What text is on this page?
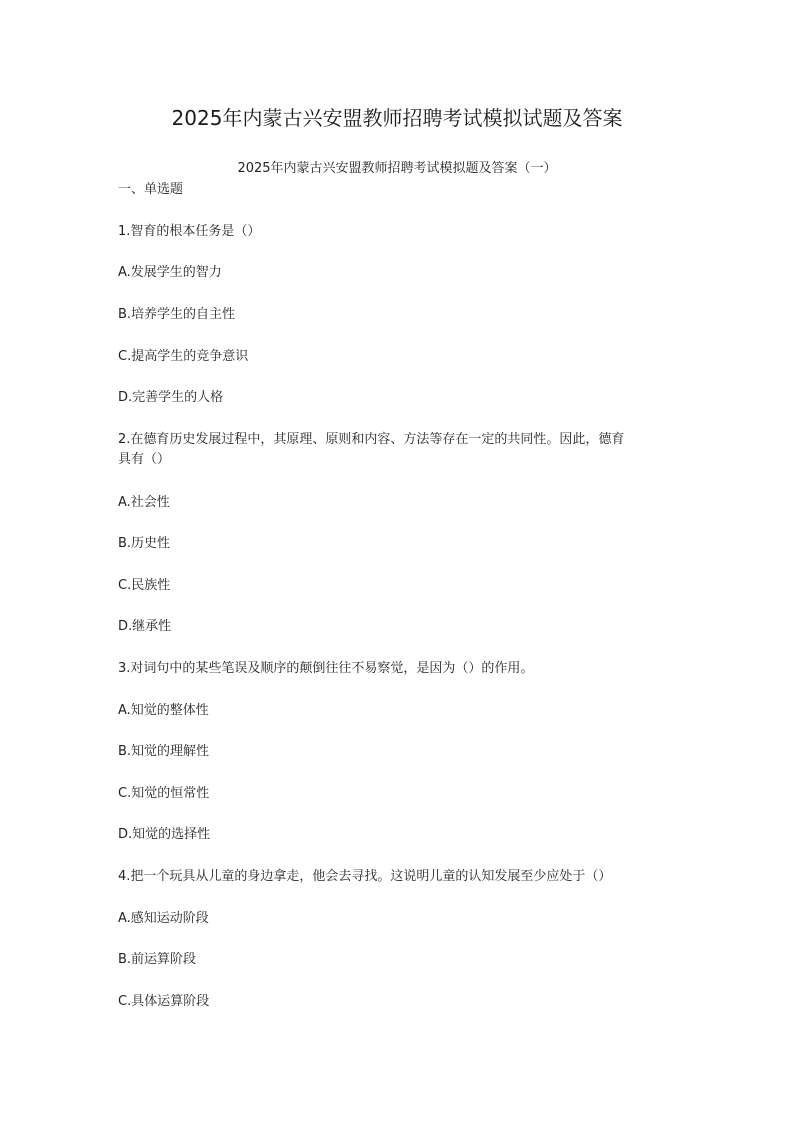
2025年内蒙古兴安盟教师招聘考试模拟试题及答案
2025年内蒙古兴安盟教师招聘考试模拟题及答案（一）
一、单选题
1.智育的根本任务是（）
A.发展学生的智力
B.培养学生的自主性
C.提高学生的竞争意识
D.完善学生的人格
2.在德育历史发展过程中，其原理、原则和内容、方法等存在一定的共同性。因此，德育
具有（）
A.社会性
B.历史性
C.民族性
D.继承性
3.对词句中的某些笔误及顺序的颠倒往往不易察觉，是因为（）的作用。
A.知觉的整体性
B.知觉的理解性
C.知觉的恒常性
D.知觉的选择性
4.把一个玩具从儿童的身边拿走，他会去寻找。这说明儿童的认知发展至少应处于（）
A.感知运动阶段
B.前运算阶段
C.具体运算阶段
